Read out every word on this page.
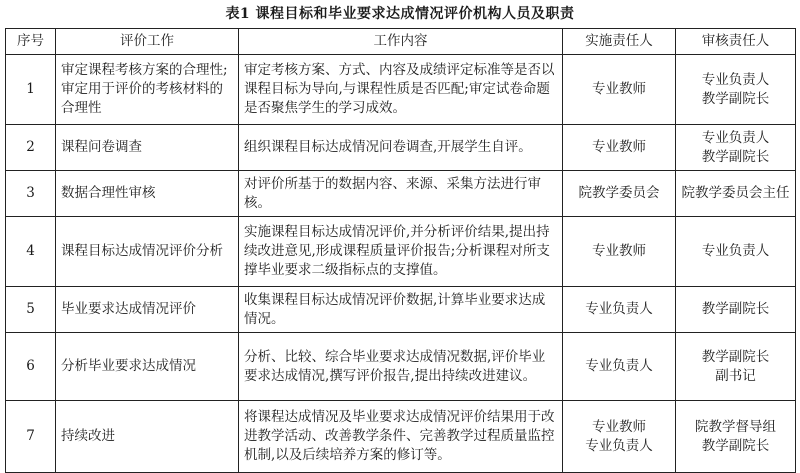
表1 课程目标和毕业要求达成情况评价机构人员及职责
序号	评价工作	工作内容	实施责任人	审核责任人
1	审定课程考核方案的合理性;审定用于评价的考核材料的合理性	审定考核方案、方式、内容及成绩评定标准等是否以课程目标为导向,与课程性质是否匹配;审定试卷命题是否聚焦学生的学习成效。	专业教师	专业负责人
教学副院长

2	课程问卷调查	组织课程目标达成情况问卷调查,开展学生自评。	专业教师	专业负责人
教学副院长

3	数据合理性审核	对评价所基于的数据内容、来源、采集方法进行审核。	院教学委员会	院教学委员会主任

4	课程目标达成情况评价分析	实施课程目标达成情况评价,并分析评价结果,提出持续改进意见,形成课程质量评价报告;分析课程对所支撑毕业要求二级指标点的支撑值。	专业教师	专业负责人

5	毕业要求达成情况评价	收集课程目标达成情况评价数据,计算毕业要求达成情况。	专业负责人	教学副院长

6	分析毕业要求达成情况	分析、比较、综合毕业要求达成情况数据,评价毕业要求达成情况,撰写评价报告,提出持续改进建议。	专业负责人	教学副院长
副书记

7	持续改进	将课程达成情况及毕业要求达成情况评价结果用于改进教学活动、改善教学条件、完善教学过程质量监控机制,以及后续培养方案的修订等。	专业教师
专业负责人	院教学督导组
教学副院长
